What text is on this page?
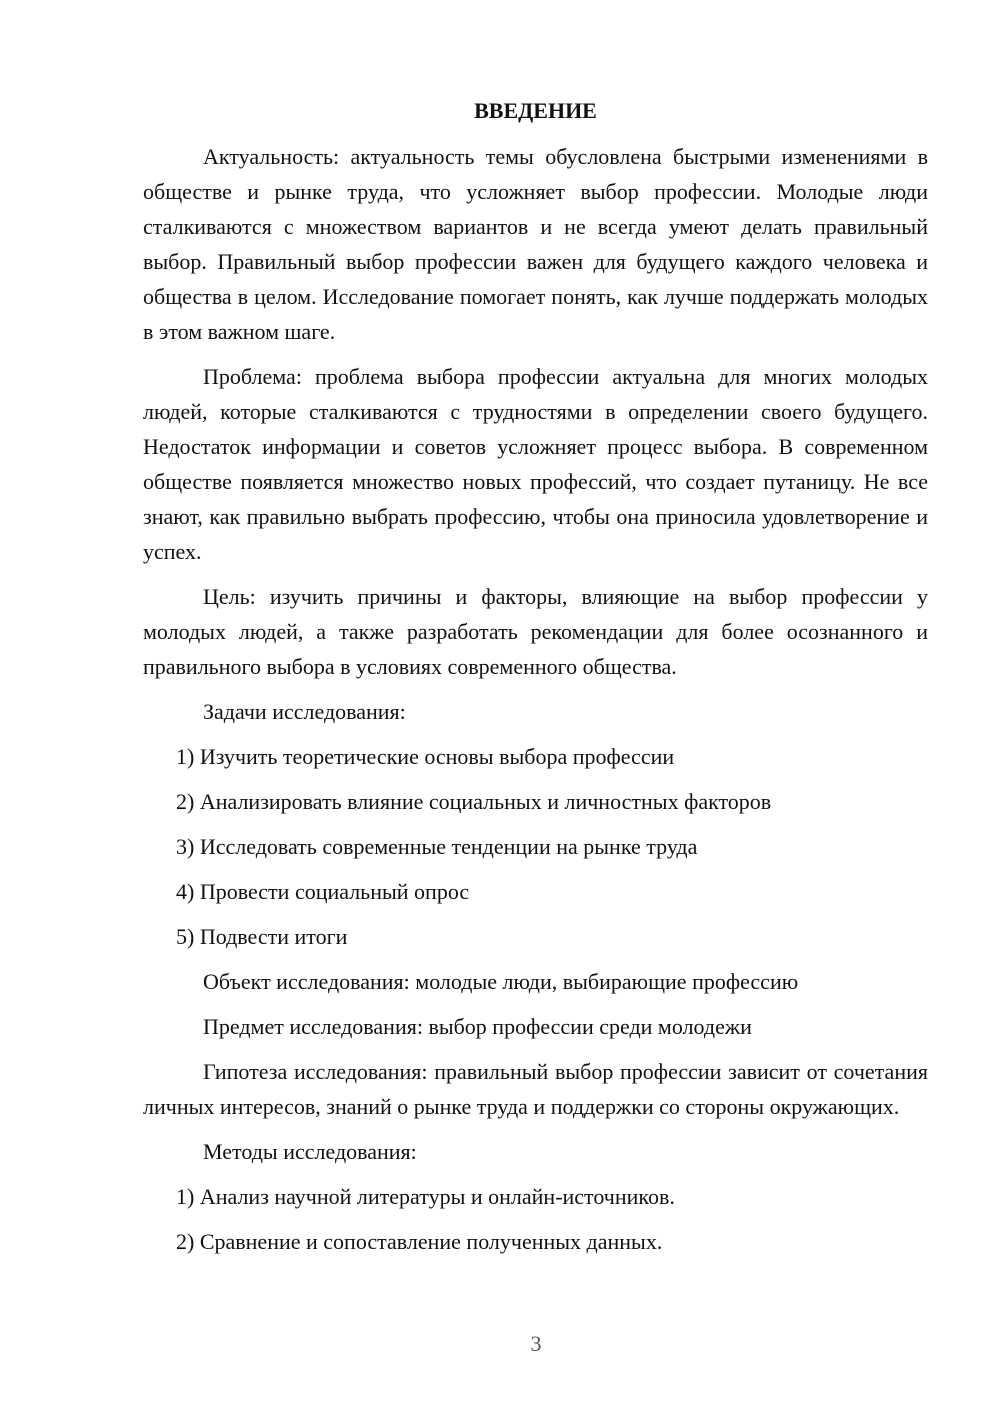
ВВЕДЕНИЕ
Актуальность: актуальность темы обусловлена быстрыми изменениями в обществе и рынке труда, что усложняет выбор профессии. Молодые люди сталкиваются с множеством вариантов и не всегда умеют делать правильный выбор. Правильный выбор профессии важен для будущего каждого человека и общества в целом. Исследование помогает понять, как лучше поддержать молодых в этом важном шаге.
Проблема: проблема выбора профессии актуальна для многих молодых людей, которые сталкиваются с трудностями в определении своего будущего. Недостаток информации и советов усложняет процесс выбора. В современном обществе появляется множество новых профессий, что создает путаницу. Не все знают, как правильно выбрать профессию, чтобы она приносила удовлетворение и успех.
Цель: изучить причины и факторы, влияющие на выбор профессии у молодых людей, а также разработать рекомендации для более осознанного и правильного выбора в условиях современного общества.
Задачи исследования:
1) Изучить теоретические основы выбора профессии
2) Анализировать влияние социальных и личностных факторов
3) Исследовать современные тенденции на рынке труда
4) Провести социальный опрос
5) Подвести итоги
Объект исследования: молодые люди, выбирающие профессию
Предмет исследования: выбор профессии среди молодежи
Гипотеза исследования: правильный выбор профессии зависит от сочетания личных интересов, знаний о рынке труда и поддержки со стороны окружающих.
Методы исследования:
1) Анализ научной литературы и онлайн-источников.
2) Сравнение и сопоставление полученных данных.
3
